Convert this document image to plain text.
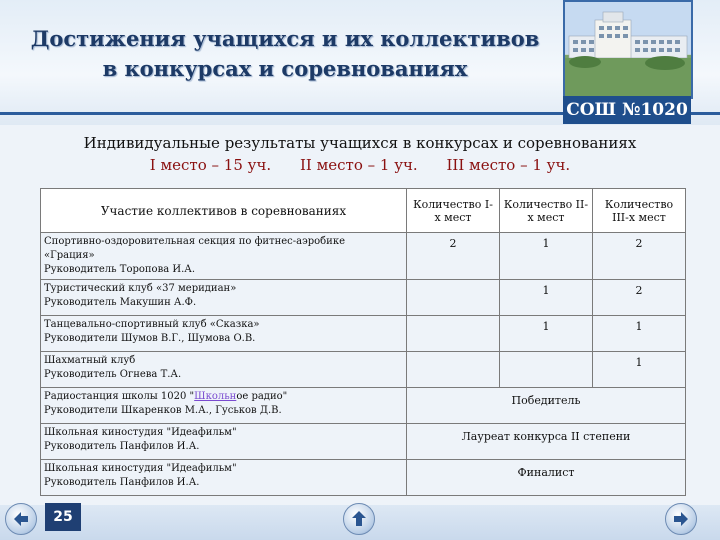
Достижения учащихся и их коллективов
в конкурсах и соревнованиях
СОШ №1020
Индивидуальные результаты учащихся в конкурсах и соревнованиях
I место – 15 уч. II место – 1 уч. III место – 1 уч.
Участие коллективов в соревнованиях	Количество I-х мест	Количество II-х мест	Количество III-х мест

Спортивно-оздоровительная секция по фитнес-аэробике
«Грация»
Руководитель Торопова И.А.	2	1	2

Туристический клуб «37 меридиан»
Руководитель Макушин А.Ф.		1	2

Танцевально-спортивный клуб «Сказка»
Руководители Шумов В.Г., Шумова О.В.		1	1

Шахматный клуб
Руководитель Огнева Т.А.			1

Радиостанция школы 1020 "Школьное радио"
Руководители Шкаренков М.А., Гуськов Д.В.	Победитель		

Школьная киностудия "Идеафильм"
Руководитель Панфилов И.А.	Лауреат конкурса II степени		

Школьная киностудия "Идеафильм"
Руководитель Панфилов И.А.	Финалист		
25
